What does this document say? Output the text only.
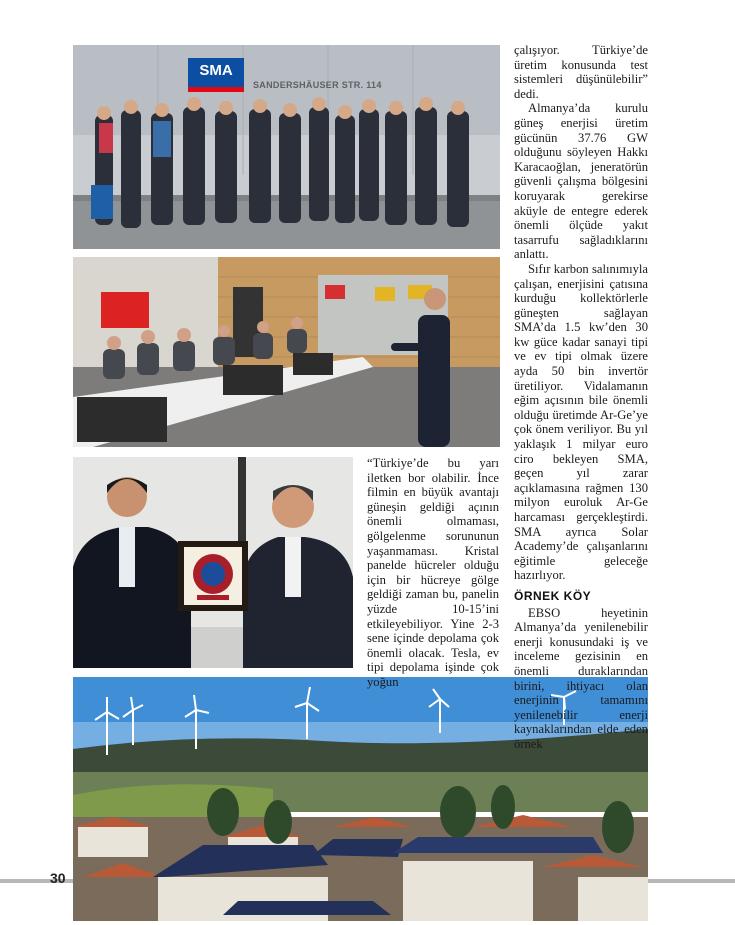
SMA
SANDERSHÄUSER STR. 114

çalışıyor. Türkiye’de üretim konusunda test sistemleri düşünülebilir” dedi.

Almanya’da kurulu güneş enerjisi üretim gücünün 37.76 GW olduğunu söyleyen Hakkı Karacaoğlan, jeneratörün güvenli çalışma bölgesini koruyarak gerekirse aküyle de entegre ederek önemli ölçüde yakıt tasarrufu sağladıklarını anlattı.

Sıfır karbon salınımıyla çalışan, enerjisini çatısına kurduğu kollektörlerle güneşten sağlayan SMA’da 1.5 kw’den 30 kw güce kadar sanayi tipi ve ev tipi olmak üzere ayda 50 bin invertör üretiliyor. Vidalamanın eğim açısının bile önemli olduğu üretimde Ar-Ge’ye çok önem veriliyor. Bu yıl yaklaşık 1 milyar euro ciro bekleyen SMA, geçen yıl zarar açıklamasına rağmen 130 milyon euroluk Ar-Ge harcaması gerçekleştirdi. SMA ayrıca Solar Academy’de çalışanlarını eğitimle geleceğe hazırlıyor.

ÖRNEK KÖY

EBSO heyetinin Almanya’da yenilenebilir enerji konusundaki iş ve inceleme gezisinin en önemli duraklarından birini, ihtiyacı olan enerjinin tamamını yenilenebilir enerji kaynaklarından elde eden örnek

“Türkiye’de bu yarı iletken bor olabilir. İnce filmin en büyük avantajı güneşin geldiği açının önemli olmaması, gölgelenme sorununun yaşanmaması. Kristal panelde hücreler olduğu için bir hücreye gölge geldiği zaman bu, panelin yüzde 10-15’ini etkileyebiliyor. Yine 2-3 sene içinde depolama çok önemli olacak. Tesla, ev tipi depolama işinde çok yoğun

30
